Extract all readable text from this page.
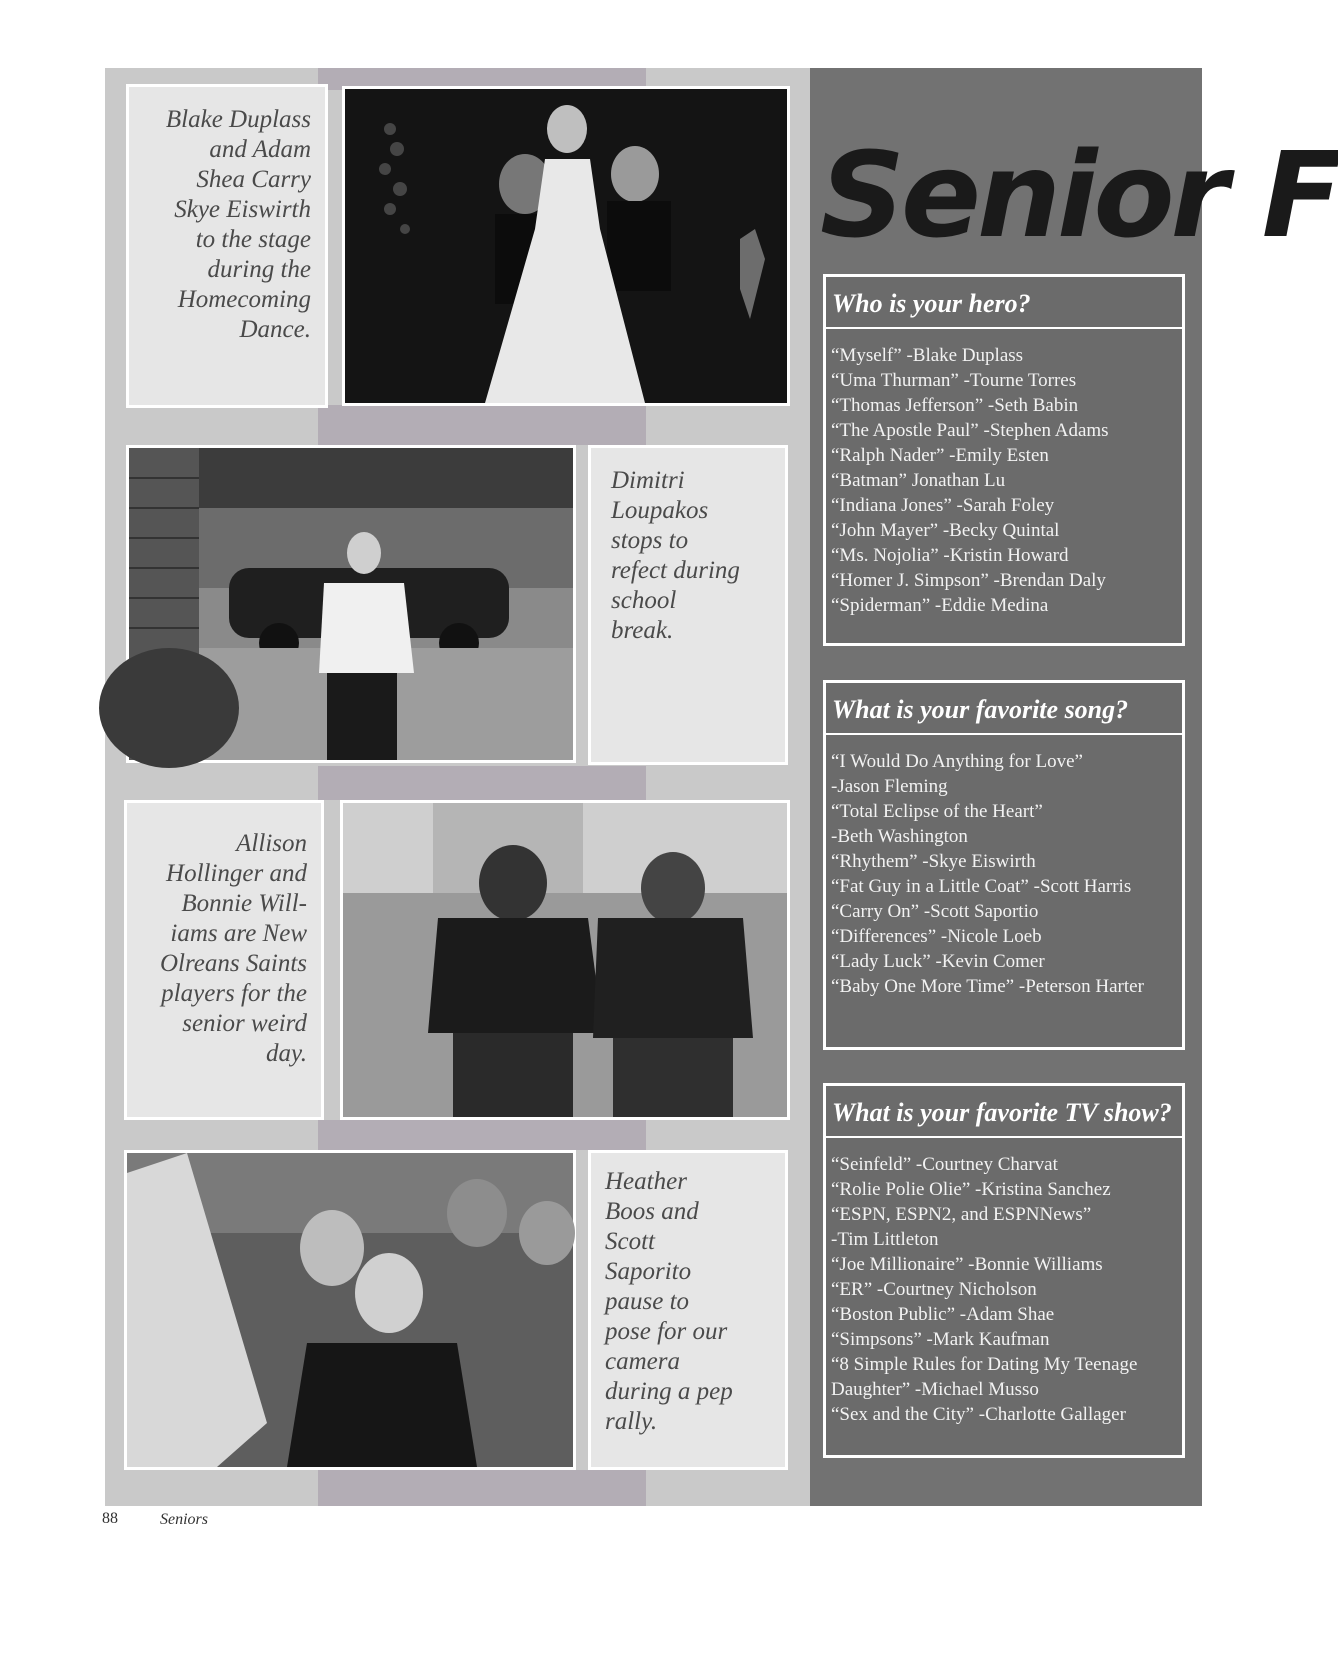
Blake Duplass
and Adam
Shea Carry
Skye Eiswirth
to the stage
during the
Homecoming
Dance.
Dimitri
Loupakos
stops to
refect during
school
break.
Allison
Hollinger and
Bonnie Will-
iams are New
Olreans Saints
players for the
senior weird
day.
Heather
Boos and
Scott
Saporito
pause to
pose for our
camera
during a pep
rally.
Senior F
Who is your hero?
“Myself” -Blake Duplass
“Uma Thurman” -Tourne Torres
“Thomas Jefferson” -Seth Babin
“The Apostle Paul” -Stephen Adams
“Ralph Nader” -Emily Esten
“Batman” Jonathan Lu
“Indiana Jones” -Sarah Foley
“John Mayer” -Becky Quintal
“Ms. Nojolia” -Kristin Howard
“Homer J. Simpson” -Brendan Daly
“Spiderman” -Eddie Medina
What is your favorite song?
“I Would Do Anything for Love”
-Jason Fleming
“Total Eclipse of the Heart”
-Beth Washington
“Rhythem” -Skye Eiswirth
“Fat Guy in a Little Coat” -Scott Harris
“Carry On” -Scott Saportio
“Differences” -Nicole Loeb
“Lady Luck” -Kevin Comer
“Baby One More Time” -Peterson Harter
What is your favorite TV show?
“Seinfeld” -Courtney Charvat
“Rolie Polie Olie” -Kristina Sanchez
“ESPN, ESPN2, and ESPNNews”
-Tim Littleton
“Joe Millionaire” -Bonnie Williams
“ER” -Courtney Nicholson
“Boston Public” -Adam Shae
“Simpsons” -Mark Kaufman
“8 Simple Rules for Dating My Teenage Daughter” -Michael Musso
“Sex and the City” -Charlotte Gallager
88	Seniors
